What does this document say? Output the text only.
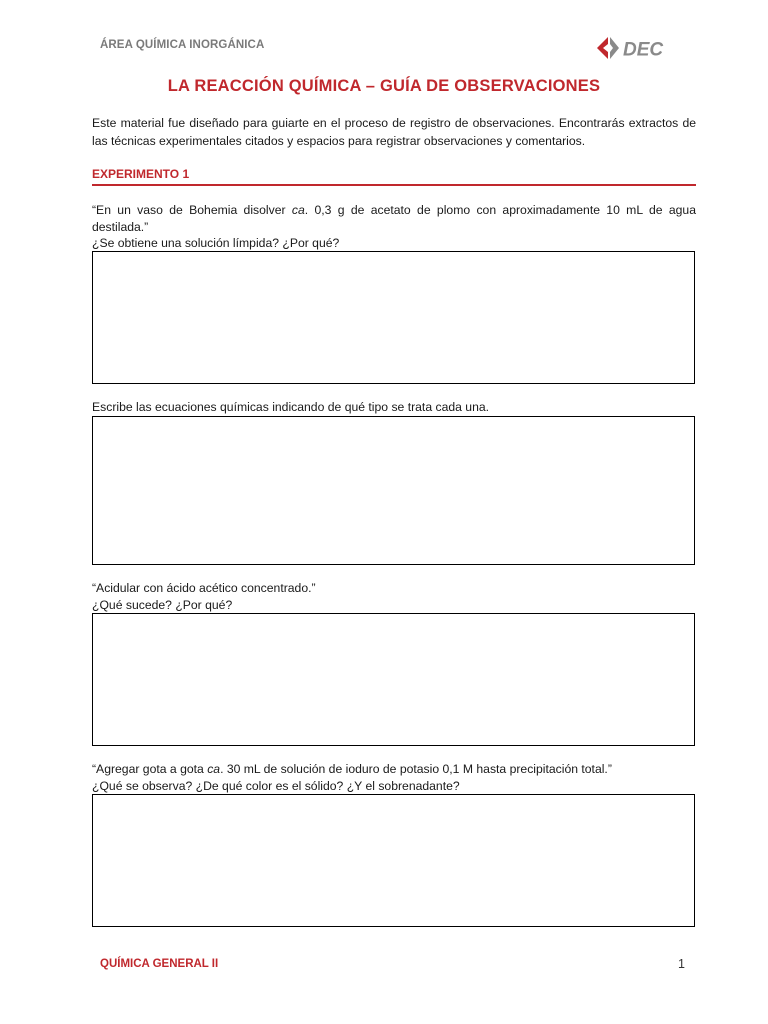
ÁREA QUÍMICA INORGÁNICA	DEC
LA REACCIÓN QUÍMICA – GUÍA DE OBSERVACIONES

Este material fue diseñado para guiarte en el proceso de registro de observaciones. Encontrarás extractos de las técnicas experimentales citados y espacios para registrar observaciones y comentarios.

EXPERIMENTO 1

“En un vaso de Bohemia disolver ca. 0,3 g de acetato de plomo con aproximadamente 10 mL de agua destilada.”

¿Se obtiene una solución límpida? ¿Por qué?

Escribe las ecuaciones químicas indicando de qué tipo se trata cada una.

“Acidular con ácido acético concentrado.”

¿Qué sucede? ¿Por qué?

“Agregar gota a gota ca. 30 mL de solución de ioduro de potasio 0,1 M hasta precipitación total.”

¿Qué se observa? ¿De qué color es el sólido? ¿Y el sobrenadante?

QUÍMICA GENERAL II	1
